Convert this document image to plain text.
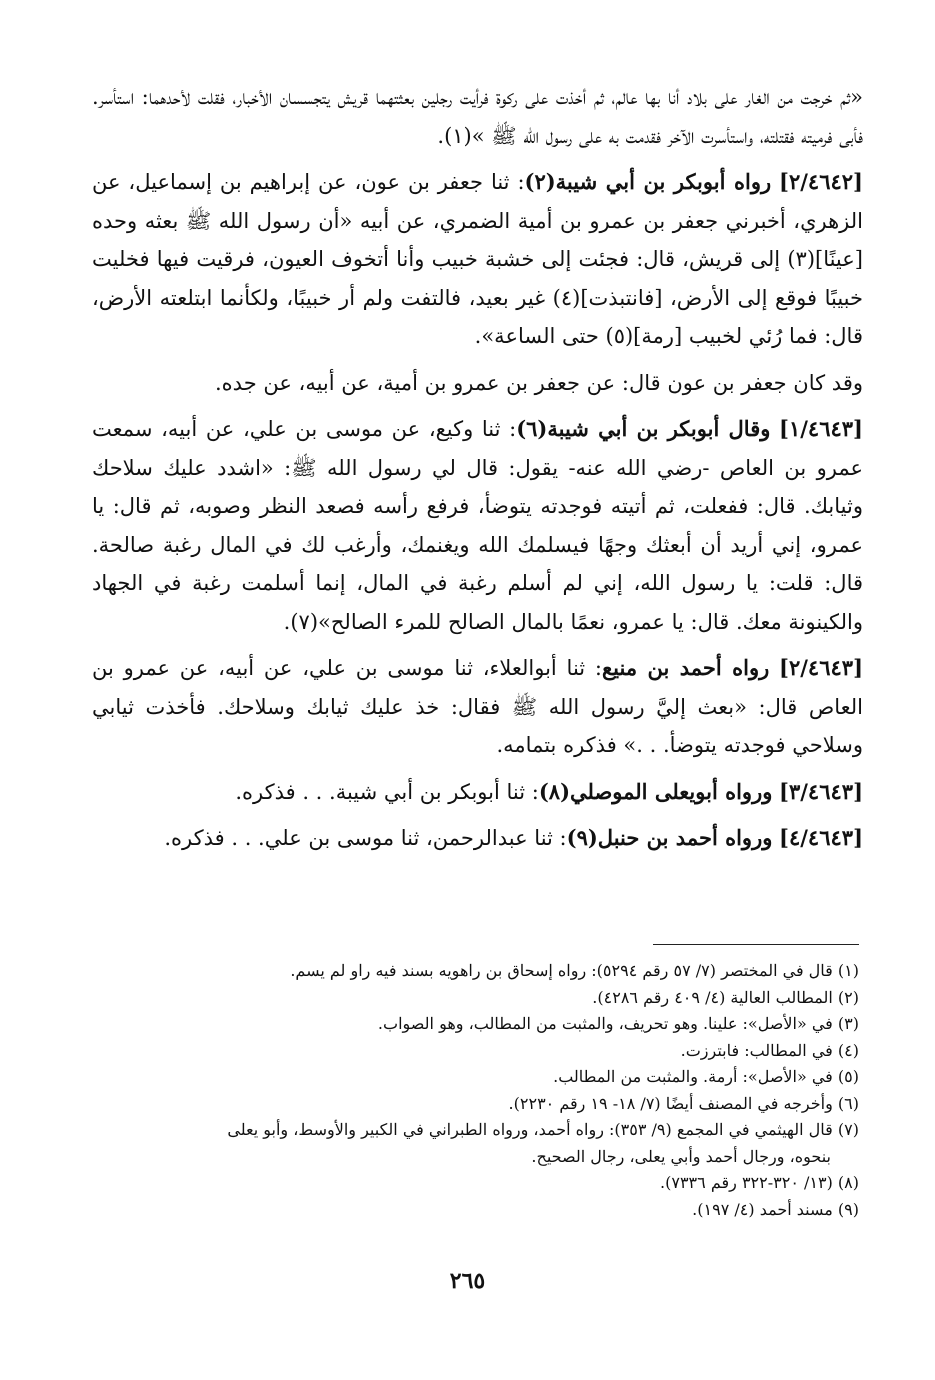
«ثم خرجت من الغار على بلاد أنا بها عالم، ثم أخذت على ركوة فرأيت رجلين بعثتهما قريش يتجسسان الأخبار، فقلت لأحدهما: استأسر. فأبى فرميته فقتلته، واستأسرت الآخر فقدمت به على رسول الله ﷺ »(١).

[٢/٤٦٤٢] رواه أبوبكر بن أبي شيبة(٢): ثنا جعفر بن عون، عن إبراهيم بن إسماعيل، عن الزهري، أخبرني جعفر بن عمرو بن أمية الضمري، عن أبيه «أن رسول الله ﷺ بعثه وحده [عينًا](٣) إلى قريش، قال: فجئت إلى خشبة خبيب وأنا أتخوف العيون، فرقيت فيها فخليت خبيبًا فوقع إلى الأرض، [فانتبذت](٤) غير بعيد، فالتفت ولم أر خبيبًا، ولكأنما ابتلعته الأرض، قال: فما رُئي لخبيب [رمة](٥) حتى الساعة».

وقد كان جعفر بن عون قال: عن جعفر بن عمرو بن أمية، عن أبيه، عن جده.

[١/٤٦٤٣] وقال أبوبكر بن أبي شيبة(٦): ثنا وكيع، عن موسى بن علي، عن أبيه، سمعت عمرو بن العاص -رضي الله عنه- يقول: قال لي رسول الله ﷺ: «اشدد عليك سلاحك وثيابك. قال: ففعلت، ثم أتيته فوجدته يتوضأ، فرفع رأسه فصعد النظر وصوبه، ثم قال: يا عمرو، إني أريد أن أبعثك وجهًا فيسلمك الله ويغنمك، وأرغب لك في المال رغبة صالحة. قال: قلت: يا رسول الله، إني لم أسلم رغبة في المال، إنما أسلمت رغبة في الجهاد والكينونة معك. قال: يا عمرو، نعمًا بالمال الصالح للمرء الصالح»(٧).

[٢/٤٦٤٣] رواه أحمد بن منيع: ثنا أبوالعلاء، ثنا موسى بن علي، عن أبيه، عن عمرو بن العاص قال: «بعث إليَّ رسول الله ﷺ فقال: خذ عليك ثيابك وسلاحك. فأخذت ثيابي وسلاحي فوجدته يتوضأ. . .» فذكره بتمامه.

[٣/٤٦٤٣] ورواه أبويعلى الموصلي(٨): ثنا أبوبكر بن أبي شيبة. . . فذكره.

[٤/٤٦٤٣] ورواه أحمد بن حنبل(٩): ثنا عبدالرحمن، ثنا موسى بن علي. . . فذكره.

(١) قال في المختصر (٧/ ٥٧ رقم ٥٢٩٤): رواه إسحاق بن راهويه بسند فيه راو لم يسم.

(٢) المطالب العالية (٤/ ٤٠٩ رقم ٤٢٨٦).

(٣) في «الأصل»: علينا. وهو تحريف، والمثبت من المطالب، وهو الصواب.

(٤) في المطالب: فابترزت.

(٥) في «الأصل»: أرمة. والمثبت من المطالب.

(٦) وأخرجه في المصنف أيضًا (٧/ ١٨- ١٩ رقم ٢٢٣٠).

(٧) قال الهيثمي في المجمع (٩/ ٣٥٣): رواه أحمد، ورواه الطبراني في الكبير والأوسط، وأبو يعلى

بنحوه، ورجال أحمد وأبي يعلى، رجال الصحيح.

(٨) (١٣/ ٣٢٠-٣٢٢ رقم ٧٣٣٦).

(٩) مسند أحمد (٤/ ١٩٧).

٢٦٥
